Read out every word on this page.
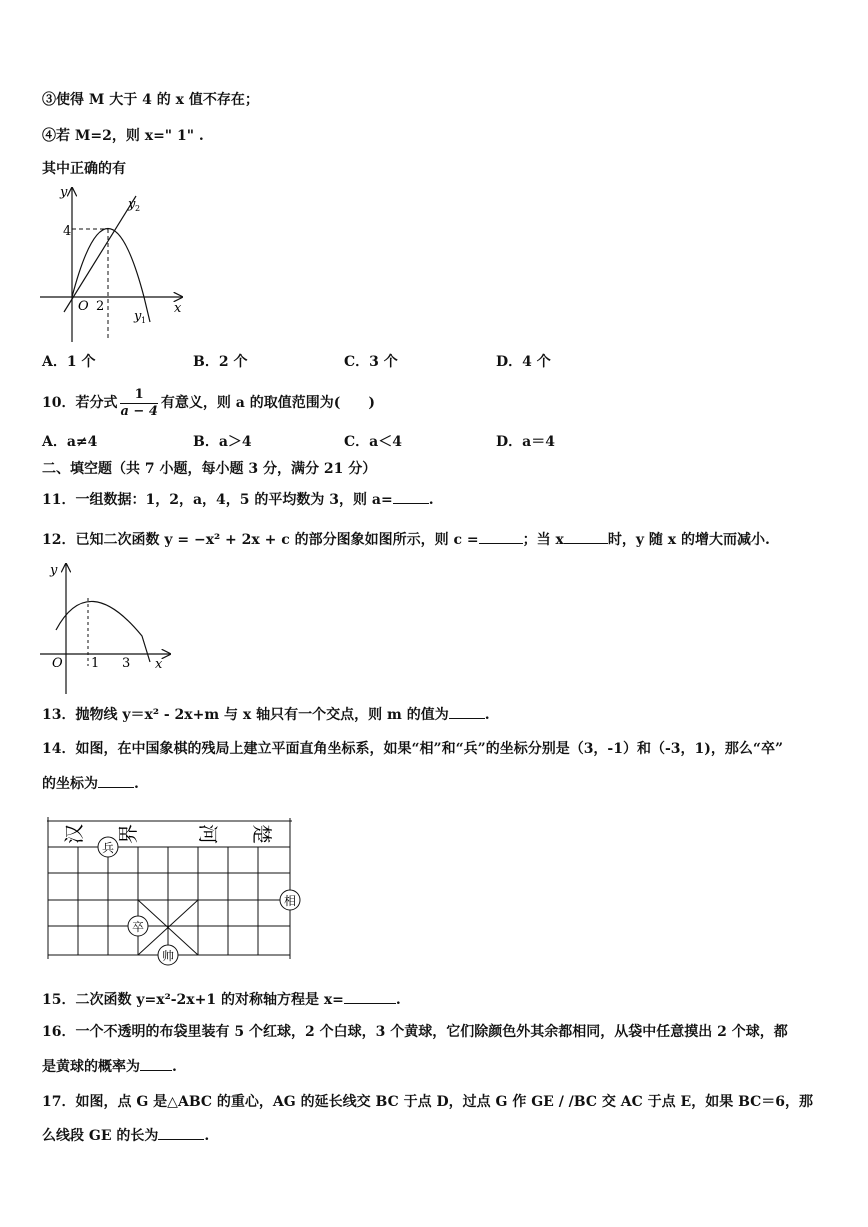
③使得 M 大于 4 的 x 值不存在；
④若 M=2，则 x=" 1" .
其中正确的有
y
y 2
4
O 2	x
y 1
A．1 个	B．2 个	C．3 个	D．4 个
10．若分式 $\frac{1}{a - 4}$ 有意义，则 a 的取值范围为(　　)
A．a≠4	B．a＞4	C．a＜4	D．a＝4
二、填空题（共 7 小题，每小题 3 分，满分 21 分）
11．一组数据：1，2，a，4，5 的平均数为 3，则 a=	.
12．已知二次函数 y = −x² + 2x + c 的部分图象如图所示，则 c =	；当 x	时，y 随 x 的增大而减小.
y
O 1 3 x
13．抛物线 y＝x² ‑ 2x+m 与 x 轴只有一个交点，则 m 的值为	.
14．如图，在中国象棋的残局上建立平面直角坐标系，如果“相”和“兵”的坐标分别是（3，-1）和（-3，1)，那么“卒”
的坐标为	.
汉 界	河 楚
兵
相
卒
帅
15．二次函数 y=x²-2x+1 的对称轴方程是 x=	.
16．一个不透明的布袋里装有 5 个红球，2 个白球，3 个黄球，它们除颜色外其余都相同，从袋中任意摸出 2 个球，都
是黄球的概率为 .
17．如图，点 G 是△ABC 的重心，AG 的延长线交 BC 于点 D，过点 G 作 GE / /BC 交 AC 于点 E，如果 BC＝6，那
么线段 GE 的长为	.
